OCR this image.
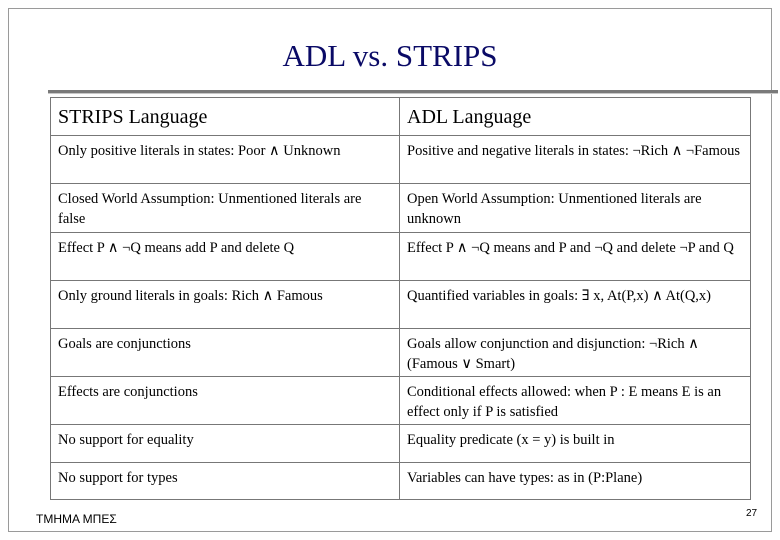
ADL vs. STRIPS
STRIPS Language	ADL Language
Only positive literals in states: Poor ∧ Unknown	Positive and negative literals in states: ¬Rich ∧ ¬Famous
Closed World Assumption: Unmentioned literals are false	Open World Assumption: Unmentioned literals are unknown
Effect P ∧ ¬Q means add P and delete Q	Effect P ∧ ¬Q means and P and ¬Q and delete ¬P and Q
Only ground literals in goals: Rich ∧ Famous	Quantified variables in goals: ∃ x, At(P,x) ∧ At(Q,x)
Goals are conjunctions	Goals allow conjunction and disjunction: ¬Rich ∧ (Famous ∨ Smart)
Effects are conjunctions	Conditional effects allowed: when P : E means E is an effect only if P is satisfied
No support for equality	Equality predicate (x = y) is built in
No support for types	Variables can have types: as in (P:Plane)
ΤΜΗΜΑ ΜΠΕΣ	27
